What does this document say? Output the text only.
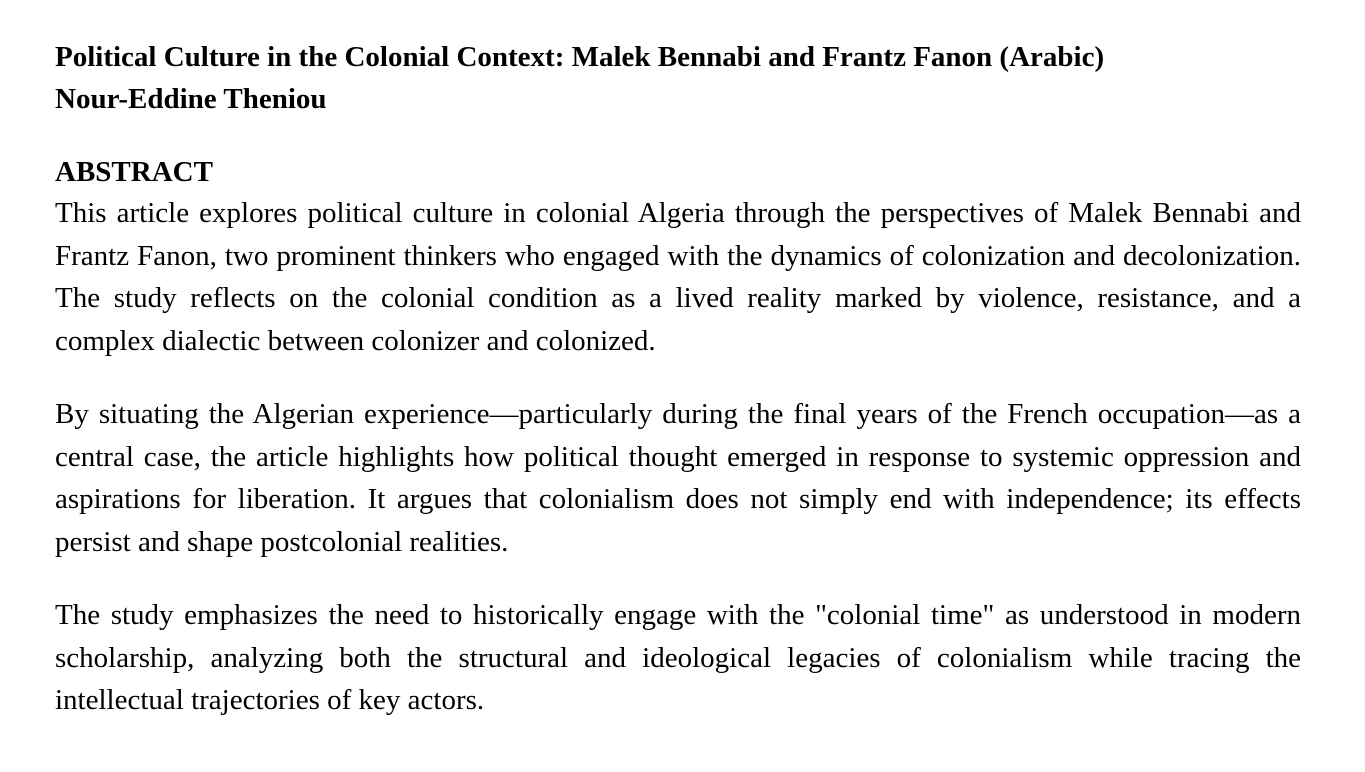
Political Culture in the Colonial Context: Malek Bennabi and Frantz Fanon (Arabic)

Nour-Eddine Theniou

ABSTRACT

This article explores political culture in colonial Algeria through the perspectives of Malek Bennabi and Frantz Fanon, two prominent thinkers who engaged with the dynamics of colonization and decolonization. The study reflects on the colonial condition as a lived reality marked by violence, resistance, and a complex dialectic between colonizer and colonized.

By situating the Algerian experience—particularly during the final years of the French occupation—as a central case, the article highlights how political thought emerged in response to systemic oppression and aspirations for liberation. It argues that colonialism does not simply end with independence; its effects persist and shape postcolonial realities.

The study emphasizes the need to historically engage with the "colonial time" as understood in modern scholarship, analyzing both the structural and ideological legacies of colonialism while tracing the intellectual trajectories of key actors.
